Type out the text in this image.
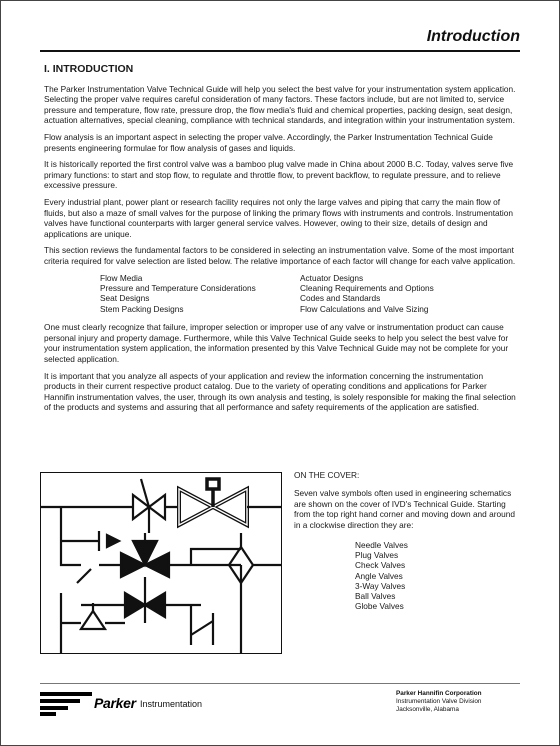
Introduction
I. INTRODUCTION

The Parker Instrumentation Valve Technical Guide will help you select the best valve for your instrumentation system application. Selecting the proper valve requires careful consideration of many factors. These factors include, but are not limited to, service pressure and temperature, flow rate, pressure drop, the flow media's fluid and chemical properties, packing design, seat design, actuation alternatives, special cleaning, compliance with technical standards, and integration within your instrumentation system.

Flow analysis is an important aspect in selecting the proper valve. Accordingly, the Parker Instrumentation Technical Guide presents engineering formulae for flow analysis of gases and liquids.

It is historically reported the first control valve was a bamboo plug valve made in China about 2000 B.C. Today, valves serve five primary functions: to start and stop flow, to regulate and throttle flow, to prevent backflow, to regulate pressure, and to relieve excessive pressure.

Every industrial plant, power plant or research facility requires not only the large valves and piping that carry the main flow of fluids, but also a maze of small valves for the purpose of linking the primary flows with instruments and controls. Instrumentation valves have functional counterparts with larger general service valves. However, owing to their size, details of design and applications are unique.

This section reviews the fundamental factors to be considered in selecting an instrumentation valve. Some of the most important criteria required for valve selection are listed below. The relative importance of each factor will change for each valve application.

Flow Media
Pressure and Temperature Considerations
Seat Designs
Stem Packing Designs
Actuator Designs
Cleaning Requirements and Options
Codes and Standards
Flow Calculations and Valve Sizing

One must clearly recognize that failure, improper selection or improper use of any valve or instrumentation product can cause personal injury and property damage. Furthermore, while this Valve Technical Guide seeks to help you select the best valve for your instrumentation system application, the information presented by this Valve Technical Guide may not be complete for your selected application.

It is important that you analyze all aspects of your application and review the information concerning the instrumentation products in their current respective product catalog. Due to the variety of operating conditions and applications for Parker Hannifin instrumentation valves, the user, through its own analysis and testing, is solely responsible for making the final selection of the products and systems and assuring that all performance and safety requirements of the application are satisfied.

ON THE COVER:
Seven valve symbols often used in engineering schematics are shown on the cover of IVD's Technical Guide. Starting from the top right hand corner and moving down and around in a clockwise direction they are:
Needle Valves
Plug Valves
Check Valves
Angle Valves
3-Way Valves
Ball Valves
Globe Valves
Parker Instrumentation
Parker Hannifin Corporation
Instrumentation Valve Division
Jacksonville, Alabama
